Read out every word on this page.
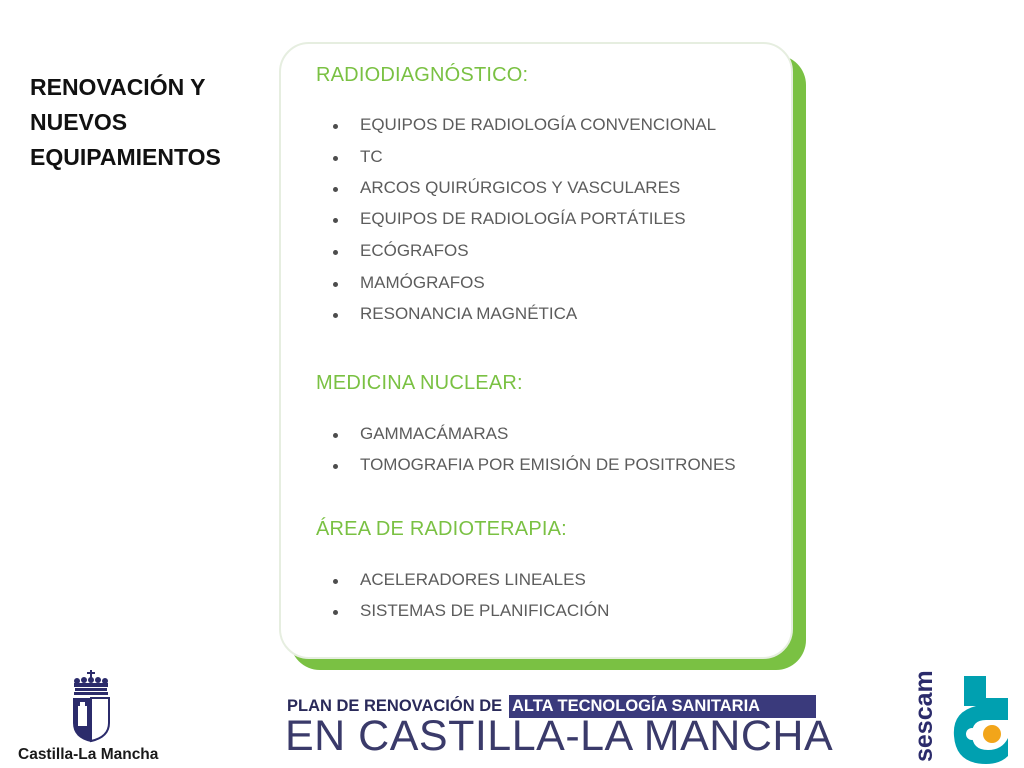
RENOVACIÓN Y
NUEVOS
EQUIPAMIENTOS
RADIODIAGNÓSTICO:
EQUIPOS DE RADIOLOGÍA CONVENCIONAL
TC
ARCOS QUIRÚRGICOS Y VASCULARES
EQUIPOS DE RADIOLOGÍA PORTÁTILES
ECÓGRAFOS
MAMÓGRAFOS
RESONANCIA MAGNÉTICA
MEDICINA NUCLEAR:
GAMMACÁMARAS
TOMOGRAFIA POR EMISIÓN DE POSITRONES
ÁREA DE RADIOTERAPIA:
ACELERADORES LINEALES
SISTEMAS DE PLANIFICACIÓN
Castilla-La Mancha
PLAN DE RENOVACIÓN DE ALTA TECNOLOGÍA SANITARIA
EN CASTILLA-LA MANCHA	sescam
